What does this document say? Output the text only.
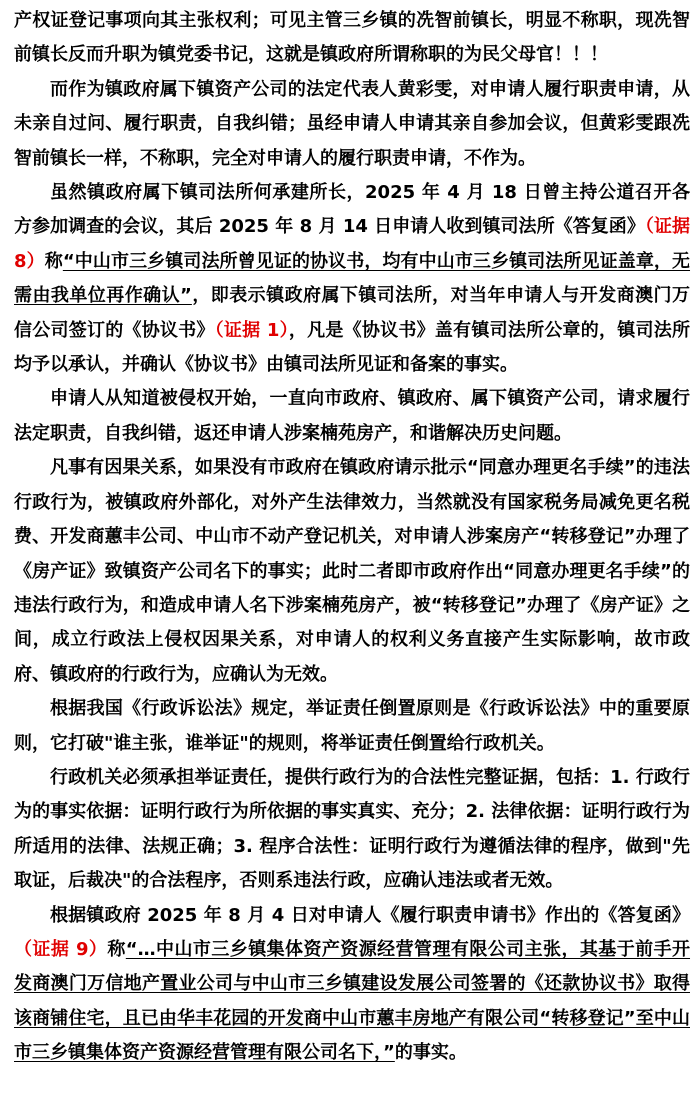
产权证登记事项向其主张权利；可见主管三乡镇的冼智前镇长，明显不称职，现冼智前镇长反而升职为镇党委书记，这就是镇政府所谓称职的为民父母官！！！

而作为镇政府属下镇资产公司的法定代表人黄彩雯，对申请人履行职责申请，从未亲自过问、履行职责，自我纠错；虽经申请人申请其亲自参加会议，但黄彩雯跟冼智前镇长一样，不称职，完全对申请人的履行职责申请，不作为。

虽然镇政府属下镇司法所何承建所长，2025 年 4 月 18 日曾主持公道召开各方参加调查的会议，其后 2025 年 8 月 14 日申请人收到镇司法所《答复函》（证据 8）称“中山市三乡镇司法所曾见证的协议书，均有中山市三乡镇司法所见证盖章，无需由我单位再作确认”，即表示镇政府属下镇司法所，对当年申请人与开发商澳门万信公司签订的《协议书》（证据 1），凡是《协议书》盖有镇司法所公章的，镇司法所均予以承认，并确认《协议书》由镇司法所见证和备案的事实。

申请人从知道被侵权开始，一直向市政府、镇政府、属下镇资产公司，请求履行法定职责，自我纠错，返还申请人涉案楠苑房产，和谐解决历史问题。

凡事有因果关系，如果没有市政府在镇政府请示批示“同意办理更名手续”的违法行政行为，被镇政府外部化，对外产生法律效力，当然就没有国家税务局减免更名税费、开发商蕙丰公司、中山市不动产登记机关，对申请人涉案房产“转移登记”办理了《房产证》致镇资产公司名下的事实；此时二者即市政府作出“同意办理更名手续”的违法行政行为，和造成申请人名下涉案楠苑房产，被“转移登记”办理了《房产证》之间，成立行政法上侵权因果关系，对申请人的权利义务直接产生实际影响，故市政府、镇政府的行政行为，应确认为无效。

根据我国《行政诉讼法》规定，举证责任倒置原则是《行政诉讼法》中的重要原则，它打破"谁主张，谁举证"的规则，将举证责任倒置给行政机关。

行政机关必须承担举证责任，提供行政行为的合法性完整证据，包括：1. 行政行为的事实依据：证明行政行为所依据的事实真实、充分；2. 法律依据：证明行政行为所适用的法律、法规正确；3. 程序合法性：证明行政行为遵循法律的程序，做到"先取证，后裁决"的合法程序，否则系违法行政，应确认违法或者无效。

根据镇政府 2025 年 8 月 4 日对申请人《履行职责申请书》作出的《答复函》（证据 9）称“…中山市三乡镇集体资产资源经营管理有限公司主张，其基于前手开发商澳门万信地产置业公司与中山市三乡镇建设发展公司签署的《还款协议书》取得该商铺住宅，且已由华丰花园的开发商中山市蕙丰房地产有限公司“转移登记”至中山市三乡镇集体资产资源经营管理有限公司名下，”的事实。
